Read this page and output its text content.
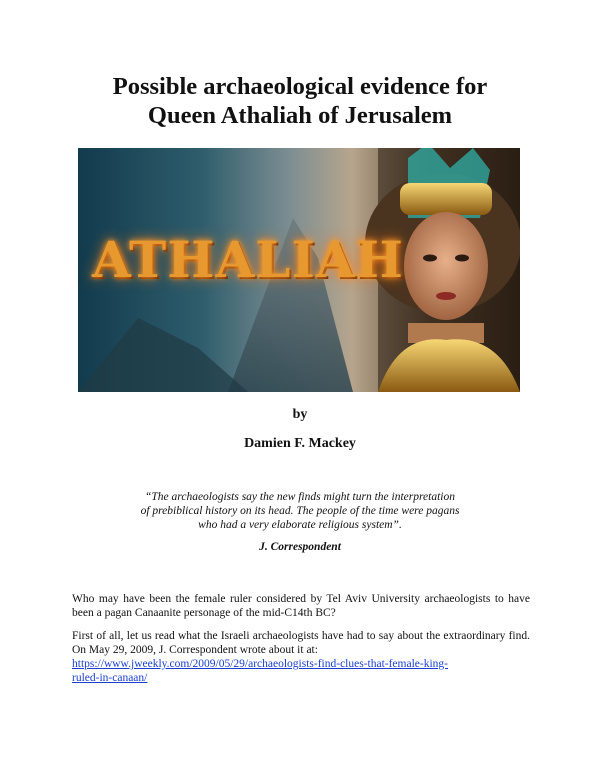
Possible archaeological evidence for
Queen Athaliah of Jerusalem
ATHALIAH
by
Damien F. Mackey
“The archaeologists say the new finds might turn the interpretation
of prebiblical history on its head. The people of the time were pagans
who had a very elaborate religious system”.
J. Correspondent
Who may have been the female ruler considered by Tel Aviv University archaeologists to have been a pagan Canaanite personage of the mid-C14th BC?
First of all, let us read what the Israeli archaeologists have had to say about the extraordinary find. On May 29, 2009, J. Correspondent wrote about it at:
https://www.jweekly.com/2009/05/29/archaeologists-find-clues-that-female-king-
ruled-in-canaan/
